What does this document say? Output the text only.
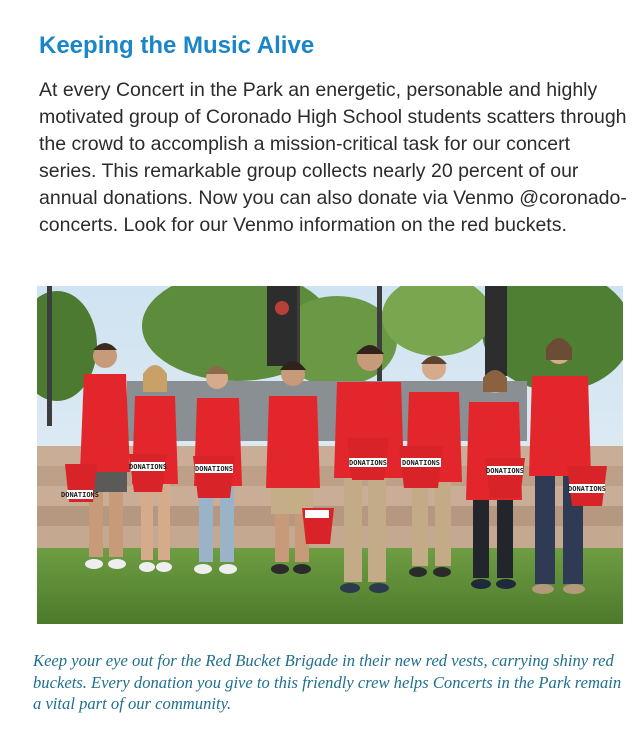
Keeping the Music Alive

At every Concert in the Park an energetic, personable and highly motivated group of Coronado High School students scatters through the crowd to accomplish a mission-critical task for our concert series. This remarkable group collects nearly 20 percent of our annual donations. Now you can also donate via Venmo @coronado-concerts. Look for our Venmo information on the red buckets.

DONATIONS
DONATIONS	DONATIONS
DONATIONS DONATIONS
DONATIONS
DONATIONS

Keep your eye out for the Red Bucket Brigade in their new red vests, carrying shiny red buckets. Every donation you give to this friendly crew helps Concerts in the Park remain a vital part of our community.
